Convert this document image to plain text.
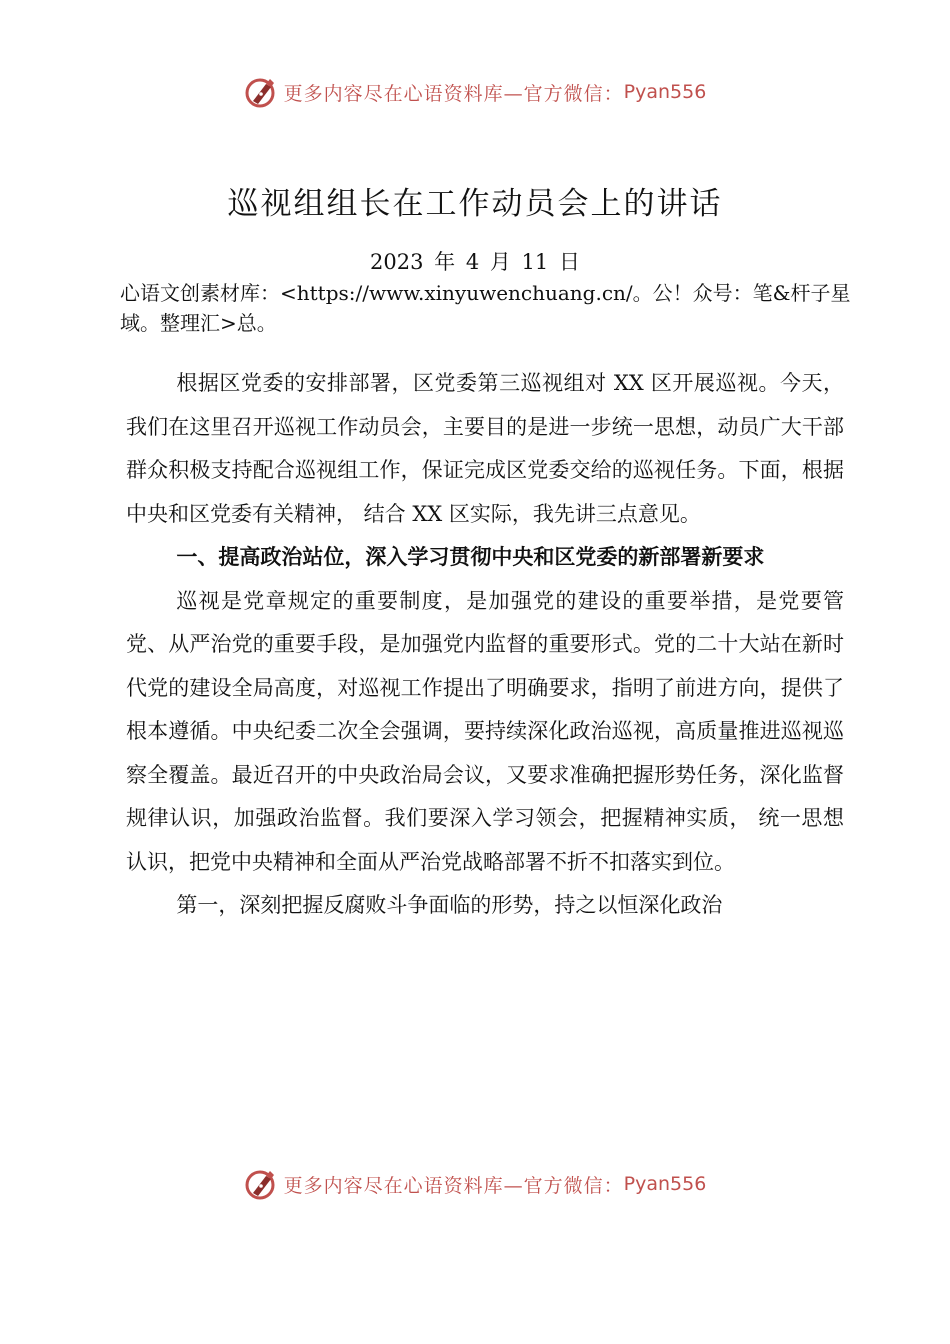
更多内容尽在心语资料库—官方微信： Pyan556
巡视组组长在工作动员会上的讲话
2023 年 4 月 11 日
心语文创素材库：<https://www.xinyuwenchuang.cn/。公！众号：笔&杆子星域。整理汇>总。

根据区党委的安排部署，区党委第三巡视组对 XX 区开展巡视。今天，我们在这里召开巡视工作动员会，主要目的是进一步统一思想，动员广大干部群众积极支持配合巡视组工作，保证完成区党委交给的巡视任务。下面，根据中央和区党委有关精神， 结合 XX 区实际，我先讲三点意见。

一、提高政治站位，深入学习贯彻中央和区党委的新部署新要求

巡视是党章规定的重要制度，是加强党的建设的重要举措，是党要管党、从严治党的重要手段，是加强党内监督的重要形式。党的二十大站在新时代党的建设全局高度，对巡视工作提出了明确要求，指明了前进方向，提供了根本遵循。中央纪委二次全会强调，要持续深化政治巡视，高质量推进巡视巡察全覆盖。最近召开的中央政治局会议，又要求准确把握形势任务，深化监督规律认识，加强政治监督。我们要深入学习领会，把握精神实质， 统一思想认识，把党中央精神和全面从严治党战略部署不折不扣落实到位。

第一，深刻把握反腐败斗争面临的形势，持之以恒深化政治

更多内容尽在心语资料库—官方微信： Pyan556
